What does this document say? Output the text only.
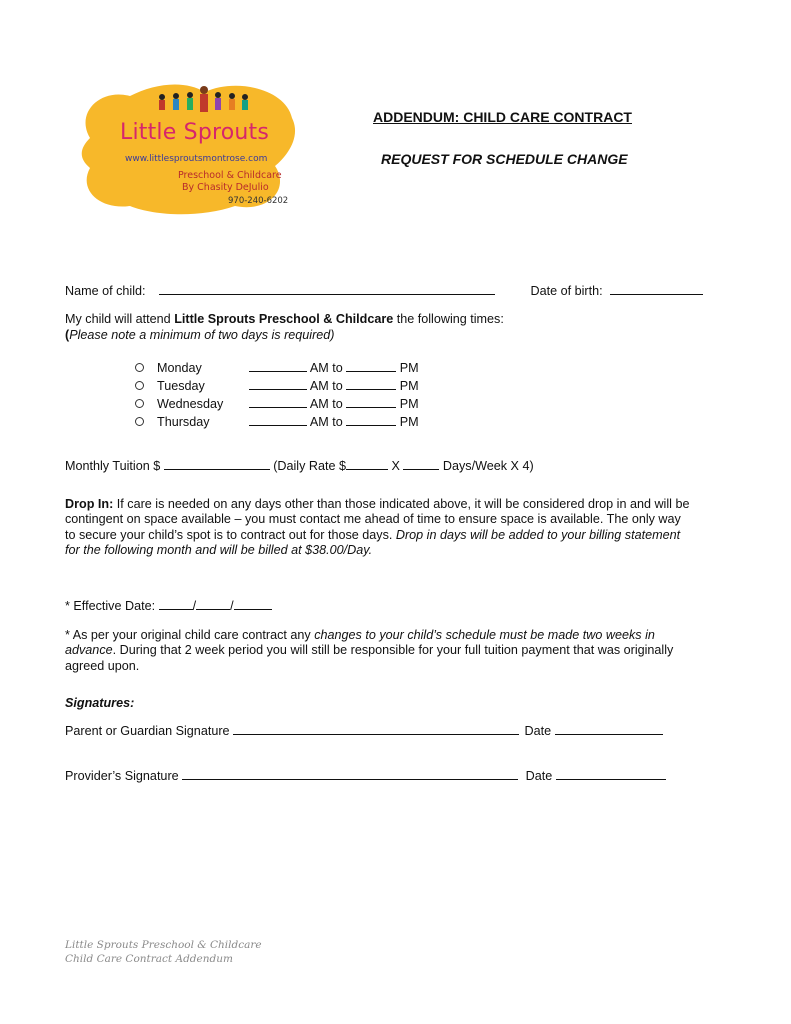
Little Sprouts
www.littlesproutsmontrose.com
Preschool & Childcare
By Chasity DeJulio
970-240-6202
ADDENDUM: CHILD CARE CONTRACT
REQUEST FOR SCHEDULE CHANGE
Name of child:	Date of birth:
My child will attend Little Sprouts Preschool & Childcare the following times:
(Please note a minimum of two days is required)
Monday	AM to	PM
Tuesday	AM to	PM
Wednesday	AM to	PM
Thursday	AM to	PM
Monthly Tuition $	(Daily Rate $	X	Days/Week X 4)
Drop In: If care is needed on any days other than those indicated above, it will be considered drop in and will be
contingent on space available – you must contact me ahead of time to ensure space is available. The only way
to secure your child’s spot is to contract out for those days. Drop in days will be added to your billing statement
for the following month and will be billed at $38.00/Day.
* Effective Date:	/	/
* As per your original child care contract any changes to your child’s schedule must be made two weeks in
advance. During that 2 week period you will still be responsible for your full tuition payment that was originally
agreed upon.
Signatures:
Parent or Guardian Signature	Date
Provider’s Signature	Date
Little Sprouts Preschool & Childcare
Child Care Contract Addendum
